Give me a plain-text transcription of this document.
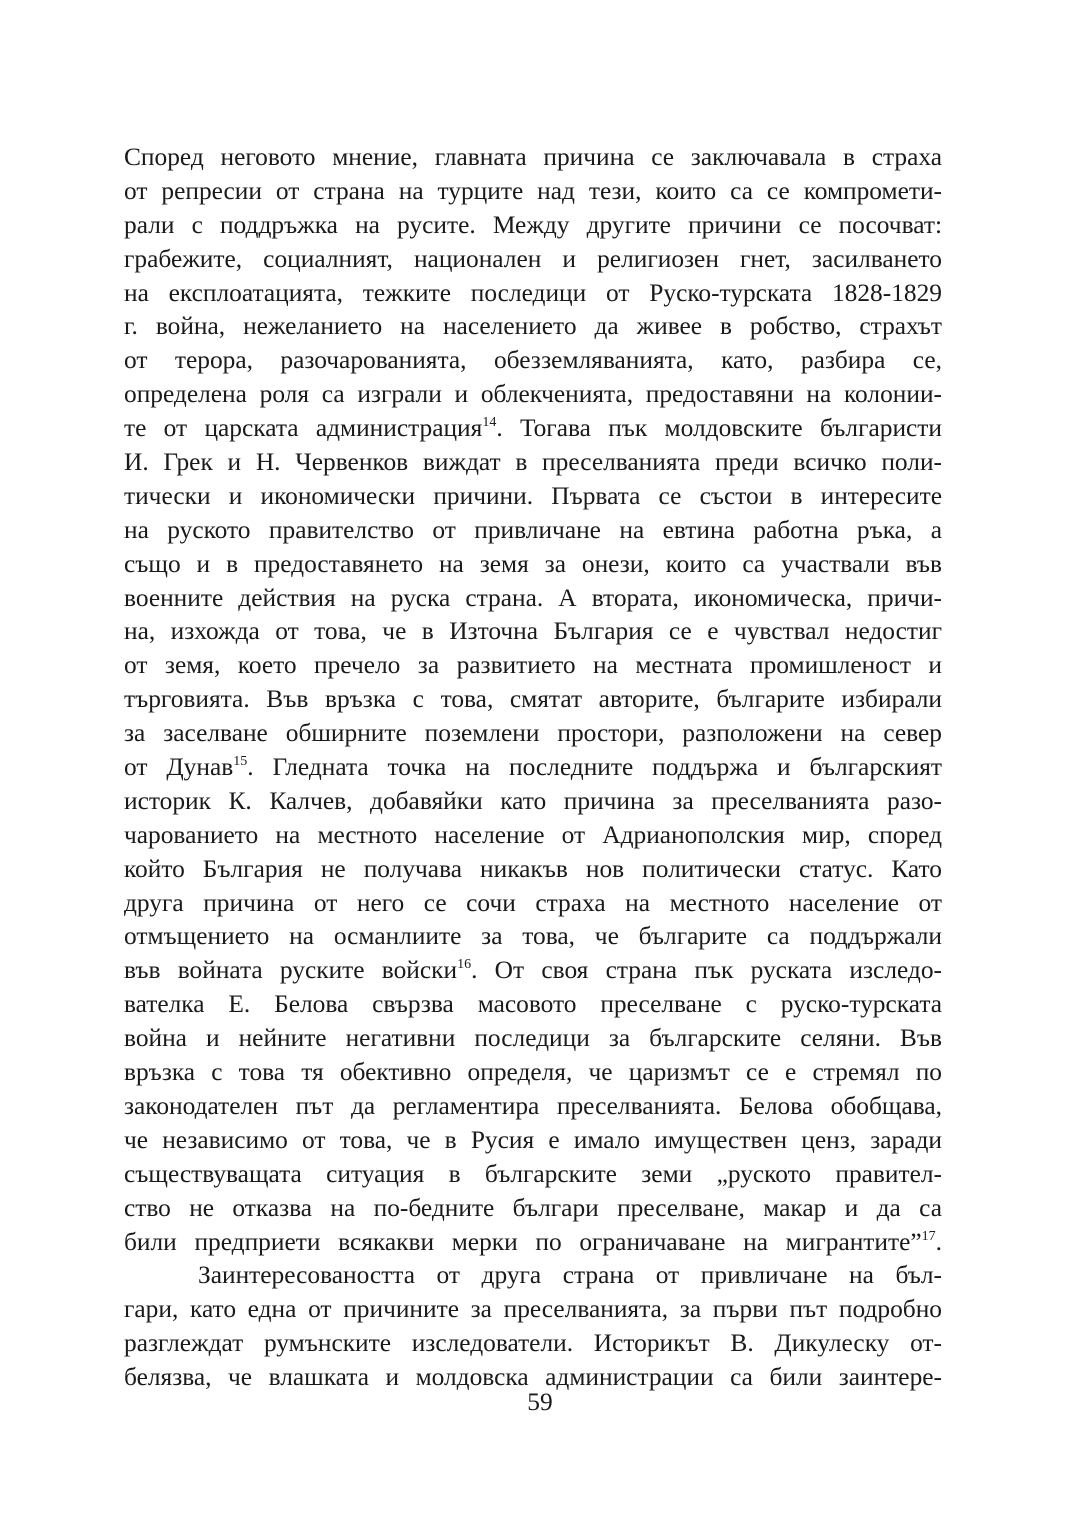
Според неговото мнение, главната причина се заключавала в страха
от репресии от страна на турците над тези, които са се компромети-
рали с поддръжка на русите. Между другите причини се посочват:
грабежите, социалният, национален и религиозен гнет, засилването
на експлоатацията, тежките последици от Руско-турската 1828-1829
г. война, нежеланието на населението да живее в робство, страхът
от терора, разочарованията, обезземляванията, като, разбира се,
определена роля са изграли и облекченията, предоставяни на колонии-
те от царската администрация$^{14}$. Тогава пък молдовските българисти
И. Грек и Н. Червенков виждат в преселванията преди всичко поли-
тически и икономически причини. Първата се състои в интересите
на руското правителство от привличане на евтина работна ръка, а
също и в предоставянето на земя за онези, които са участвали във
военните действия на руска страна. А втората, икономическа, причи-
на, изхожда от това, че в Източна България се е чувствал недостиг
от земя, което пречело за развитието на местната промишленост и
търговията. Във връзка с това, смятат авторите, българите избирали
за заселване обширните поземлени простори, разположени на север
от Дунав$^{15}$. Гледната точка на последните поддържа и българският
историк К. Калчев, добавяйки като причина за преселванията разо-
чарованието на местното население от Адрианополския мир, според
който България не получава никакъв нов политически статус. Като
друга причина от него се сочи страха на местното население от
отмъщението на османлиите за това, че българите са поддържали
във войната руските войски$^{16}$. От своя страна пък руската изследо-
вателка Е. Белова свързва масовото преселване с руско-турската
война и нейните негативни последици за българските селяни. Във
връзка с това тя обективно определя, че царизмът се е стремял по
законодателен път да регламентира преселванията. Белова обобщава,
че независимо от това, че в Русия е имало имуществен ценз, заради
съществуващата ситуация в българските земи „руското правител-
ство не отказва на по-бедните българи преселване, макар и да са
били предприети всякакви мерки по ограничаване на мигрантите”$^{17}$.
Заинтересоваността от друга страна от привличане на бъл-
гари, като една от причините за преселванията, за първи път подробно
разглеждат румънските изследователи. Историкът В. Дикулеску от-
белязва, че влашката и молдовска администрации са били заинтере-
59
